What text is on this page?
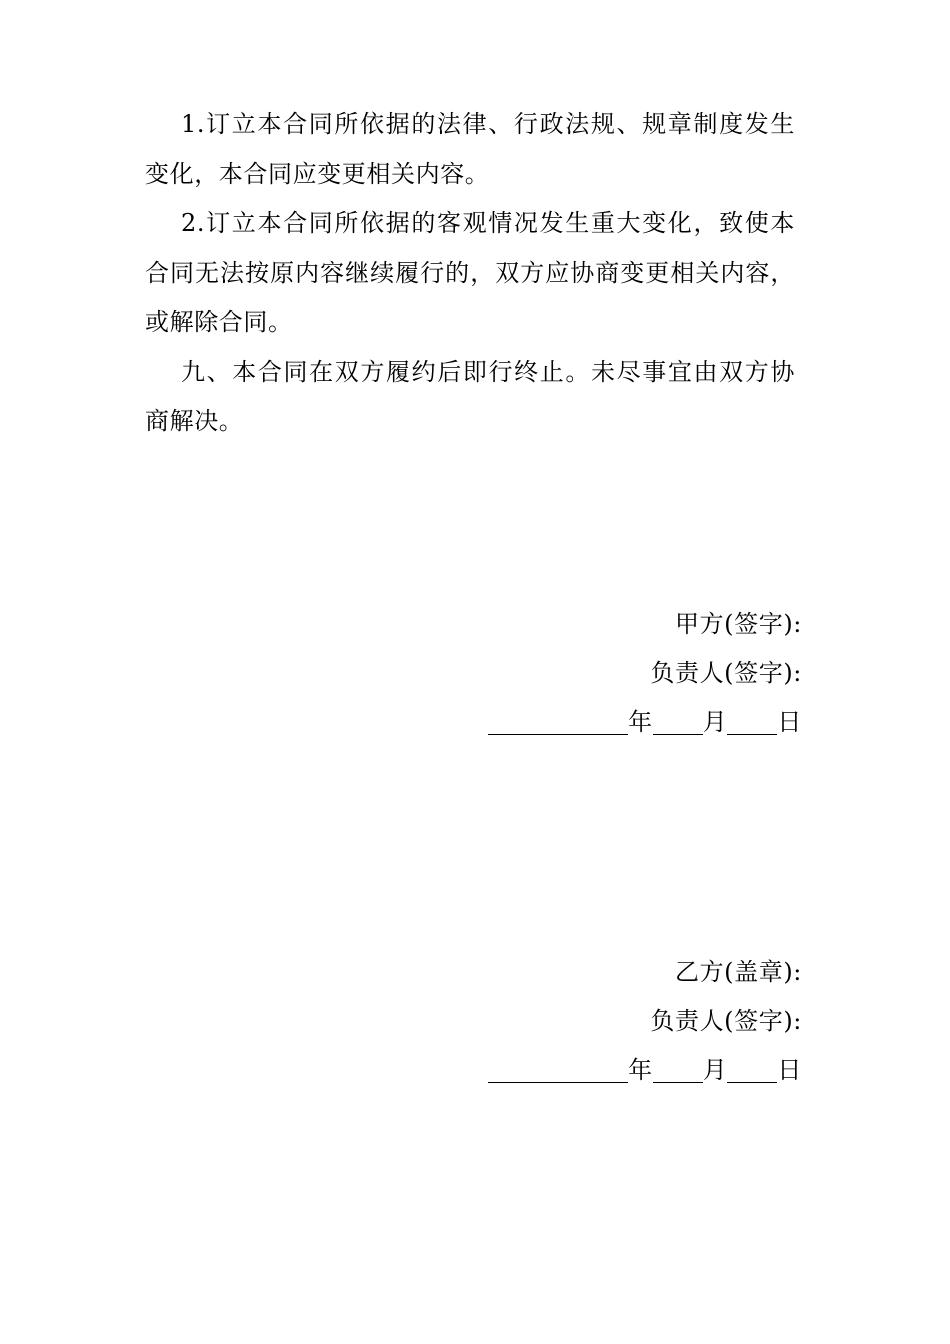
1.订立本合同所依据的法律、行政法规、规章制度发生变化，本合同应变更相关内容。

2.订立本合同所依据的客观情况发生重大变化，致使本合同无法按原内容继续履行的，双方应协商变更相关内容，或解除合同。

九、本合同在双方履约后即行终止。未尽事宜由双方协商解决。

甲方(签字):
负责人(签字):
年 月 日
乙方(盖章):
负责人(签字):
年 月 日
